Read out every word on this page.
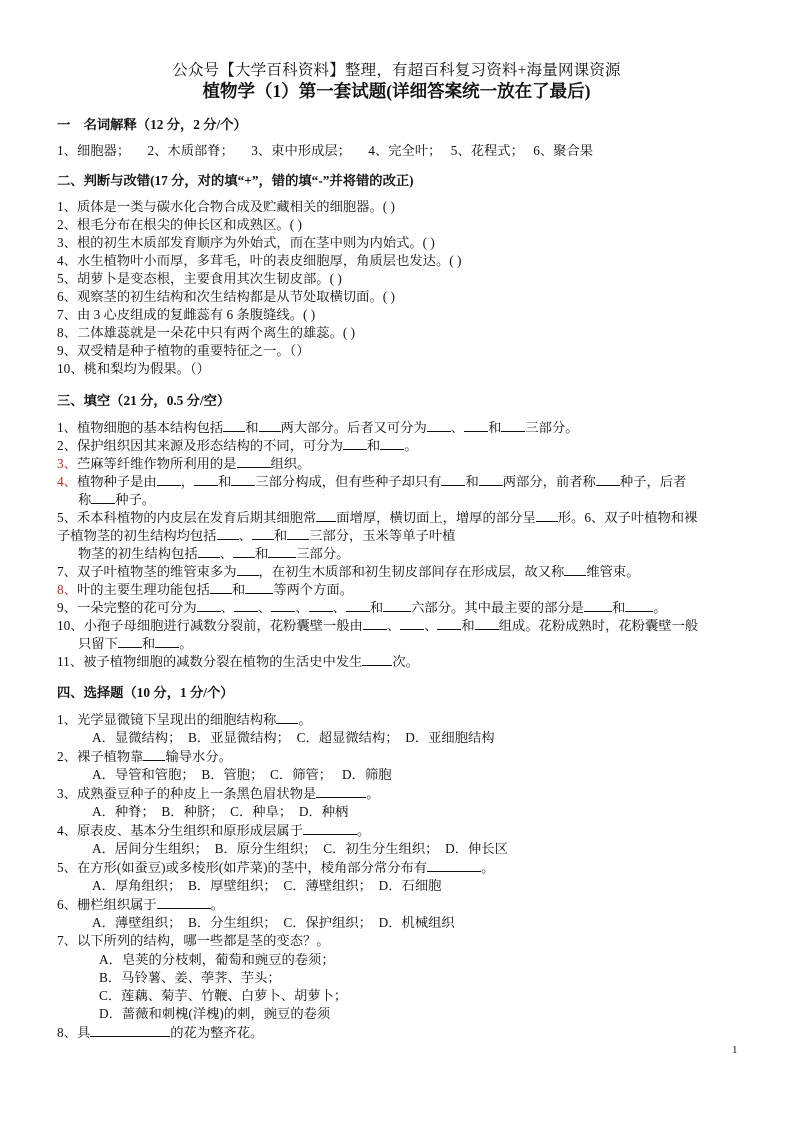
公众号【大学百科资料】整理，有超百科复习资料+海量网课资源
植物学（1）第一套试题(详细答案统一放在了最后)
一　名词解释（12 分，2 分/个）
1、细胞器； 2、木质部脊； 3、束中形成层； 4、完全叶； 5、花程式； 6、聚合果
二、判断与改错(17 分，对的填“+”，错的填“-”并将错的改正)
1、质体是一类与碳水化合物合成及贮藏相关的细胞器。( )
2、根毛分布在根尖的伸长区和成熟区。( )
3、根的初生木质部发育顺序为外始式，而在茎中则为内始式。( )
4、水生植物叶小而厚，多茸毛，叶的表皮细胞厚，角质层也发达。( )
5、胡萝卜是变态根，主要食用其次生韧皮部。( )
6、观察茎的初生结构和次生结构都是从节处取横切面。( )
7、由 3 心皮组成的复雌蕊有 6 条腹缝线。( )
8、二体雄蕊就是一朵花中只有两个离生的雄蕊。( )
9、双受精是种子植物的重要特征之一。（）
10、桃和梨均为假果。（）
三、填空（21 分，0.5 分/空）
1、植物细胞的基本结构包括 和 两大部分。后者又可分为 、 和 三部分。
2、保护组织因其来源及形态结构的不同，可分为 和 。
3、苎麻等纤维作物所利用的是	组织。
4、植物种子是由 ， 和 三部分构成，但有些种子却只有 和 两部分，前者称 种子，后者
称 种子。
5、禾本科植物的内皮层在发育后期其细胞常 面增厚，横切面上，增厚的部分呈 形。6、双子叶植物和裸
子植物茎的初生结构均包括 、 和 三部分，玉米等单子叶植
物茎的初生结构包括 、 和 三部分。
7、双子叶植物茎的维管束多为 ，在初生木质部和初生韧皮部间存在形成层，故又称 维管束。
8、叶的主要生理功能包括 和 等两个方面。
9、一朵完整的花可分为 、 、 、 、 和 六部分。其中最主要的部分是 和 。
10、小孢子母细胞进行减数分裂前，花粉囊壁一般由 、 、 和 组成。花粉成熟时，花粉囊壁一般
只留下 和 。
11、被子植物细胞的减数分裂在植物的生活史中发生 次。
四、选择题（10 分，1 分/个）
1、光学显微镜下呈现出的细胞结构称 。
A．显微结构；　B．亚显微结构；　C．超显微结构；　D．亚细胞结构
2、裸子植物靠 输导水分。
A．导管和管胞；　B．管胞；　C．筛管；　 D．筛胞
3、成熟蚕豆种子的种皮上一条黑色眉状物是	。
A．种脊；　B．种脐；　C．种阜；　D．种柄
4、原表皮、基本分生组织和原形成层属于	。
A．居间分生组织；　B．原分生组织；　C．初生分生组织；　D．伸长区
5、在方形(如蚕豆)或多棱形(如芹菜)的茎中，棱角部分常分布有	。
A．厚角组织；　B．厚壁组织；　C．薄壁组织；　D．石细胞
6、栅栏组织属于	。
A．薄壁组织；　B．分生组织；　C．保护组织；　D．机械组织
7、以下所列的结构，哪一些都是茎的变态？。
A．皂荚的分枝刺，葡萄和豌豆的卷须；
B．马铃薯、姜、荸荠、芋头；
C．莲藕、菊芋、竹鞭、白萝卜、胡萝卜；
D．蔷薇和刺槐(洋槐)的刺，豌豆的卷须
8、具	的花为整齐花。
1
